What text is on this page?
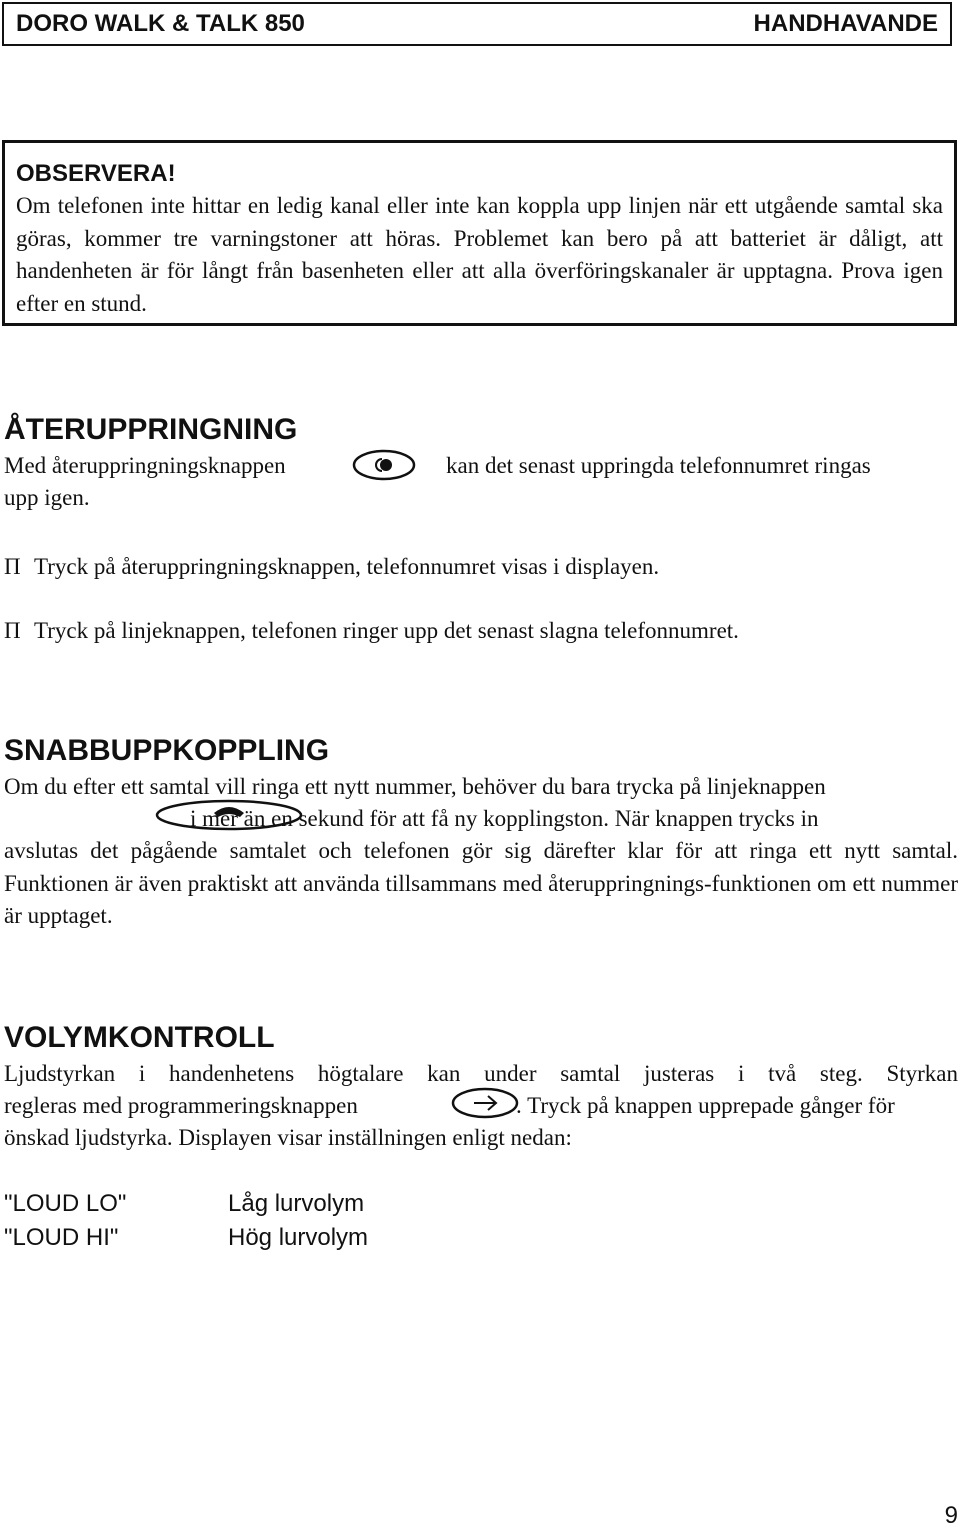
DORO WALK & TALK 850	HANDHAVANDE
OBSERVERA!
Om telefonen inte hittar en ledig kanal eller inte kan koppla upp linjen när ett utgående samtal ska göras, kommer tre varningstoner att höras. Problemet kan bero på att batteriet är dåligt, att handenheten är för långt från basenheten eller att alla överföringskanaler är upptagna. Prova igen efter en stund.
ÅTERUPPRINGNING
Med återuppringningsknappen	kan det senast uppringda telefonnumret ringas
upp igen.
Π Tryck på återuppringningsknappen, telefonnumret visas i displayen.
Π Tryck på linjeknappen, telefonen ringer upp det senast slagna telefonnumret.
SNABBUPPKOPPLING
Om du efter ett samtal vill ringa ett nytt nummer, behöver du bara trycka på linjeknappen
i mer än en sekund för att få ny kopplingston. När knappen trycks in

avslutas det pågående samtalet och telefonen gör sig därefter klar för att ringa ett nytt samtal. Funktionen är även praktiskt att använda tillsammans med återuppringnings-funktionen om ett nummer är upptaget.

VOLYMKONTROLL
Ljudstyrkan i handenhetens högtalare kan under samtal justeras i två steg. Styrkan
regleras med programmeringsknappen	. Tryck på knappen upprepade gånger för
önskad ljudstyrka. Displayen visar inställningen enligt nedan:
"LOUD LO"	Låg lurvolym
"LOUD HI"	Hög lurvolym
9
